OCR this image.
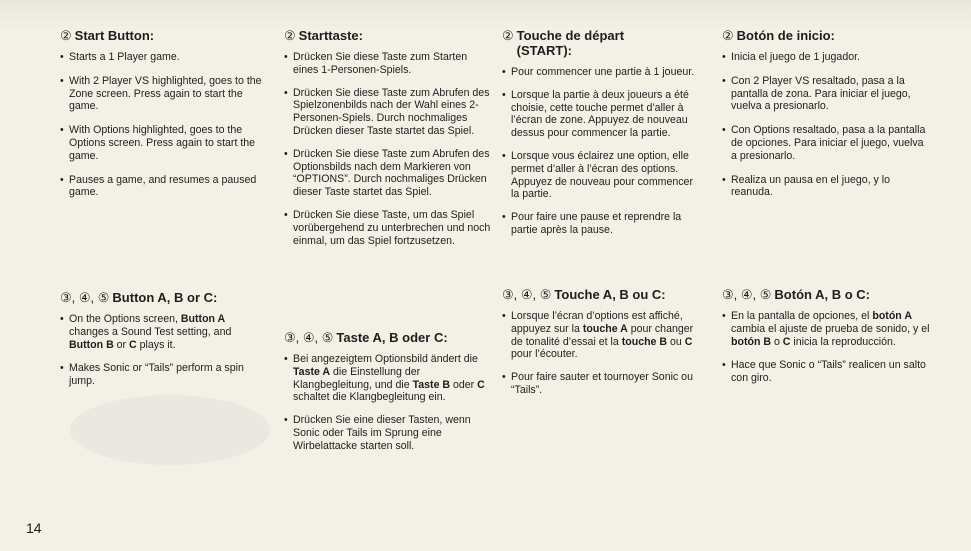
② Start Button:
• Starts a 1 Player game.
• With 2 Player VS highlighted, goes to the Zone screen. Press again to start the game.
• With Options highlighted, goes to the Options screen. Press again to start the game.
• Pauses a game, and resumes a paused game.
③, ④, ⑤ Button A, B or C:
• On the Options screen, Button A changes a Sound Test setting, and Button B or C plays it.
• Makes Sonic or “Tails” perform a spin jump.
② Starttaste:
• Drücken Sie diese Taste zum Starten eines 1-Personen-Spiels.
• Drücken Sie diese Taste zum Abrufen des Spielzonenbilds nach der Wahl eines 2-Personen-Spiels. Durch nochmaliges Drücken dieser Taste startet das Spiel.
• Drücken Sie diese Taste zum Abrufen des Optionsbilds nach dem Markieren von “OPTIONS”. Durch nochmaliges Drücken dieser Taste startet das Spiel.
• Drücken Sie diese Taste, um das Spiel vorübergehend zu unterbrechen und noch einmal, um das Spiel fortzusetzen.
③, ④, ⑤ Taste A, B oder C:
• Bei angezeigtem Optionsbild ändert die Taste A die Einstellung der Klangbegleitung, und die Taste B oder C schaltet die Klangbegleitung ein.
• Drücken Sie eine dieser Tasten, wenn Sonic oder Tails im Sprung eine Wirbelattacke starten soll.
② Touche de départ (START):
• Pour commencer une partie à 1 joueur.
• Lorsque la partie à deux joueurs a été choisie, cette touche permet d’aller à l’écran de zone. Appuyez de nouveau dessus pour commencer la partie.
• Lorsque vous éclairez une option, elle permet d’aller à l’écran des options. Appuyez de nouveau pour commencer la partie.
• Pour faire une pause et reprendre la partie après la pause.
③, ④, ⑤ Touche A, B ou C:
• Lorsque l’écran d’options est affiché, appuyez sur la touche A pour changer de tonalité d’essai et la touche B ou C pour l’écouter.
• Pour faire sauter et tournoyer Sonic ou “Tails”.
② Botón de inicio:
• Inicia el juego de 1 jugador.
• Con 2 Player VS resaltado, pasa a la pantalla de zona. Para iniciar el juego, vuelva a presionarlo.
• Con Options resaltado, pasa a la pantalla de opciones. Para iniciar el juego, vuelva a presionarlo.
• Realiza un pausa en el juego, y lo reanuda.
③, ④, ⑤ Botón A, B o C:
• En la pantalla de opciones, el botón A cambia el ajuste de prueba de sonido, y el botón B o C inicia la reproducción.
• Hace que Sonic o “Tails” realicen un salto con giro.
14
